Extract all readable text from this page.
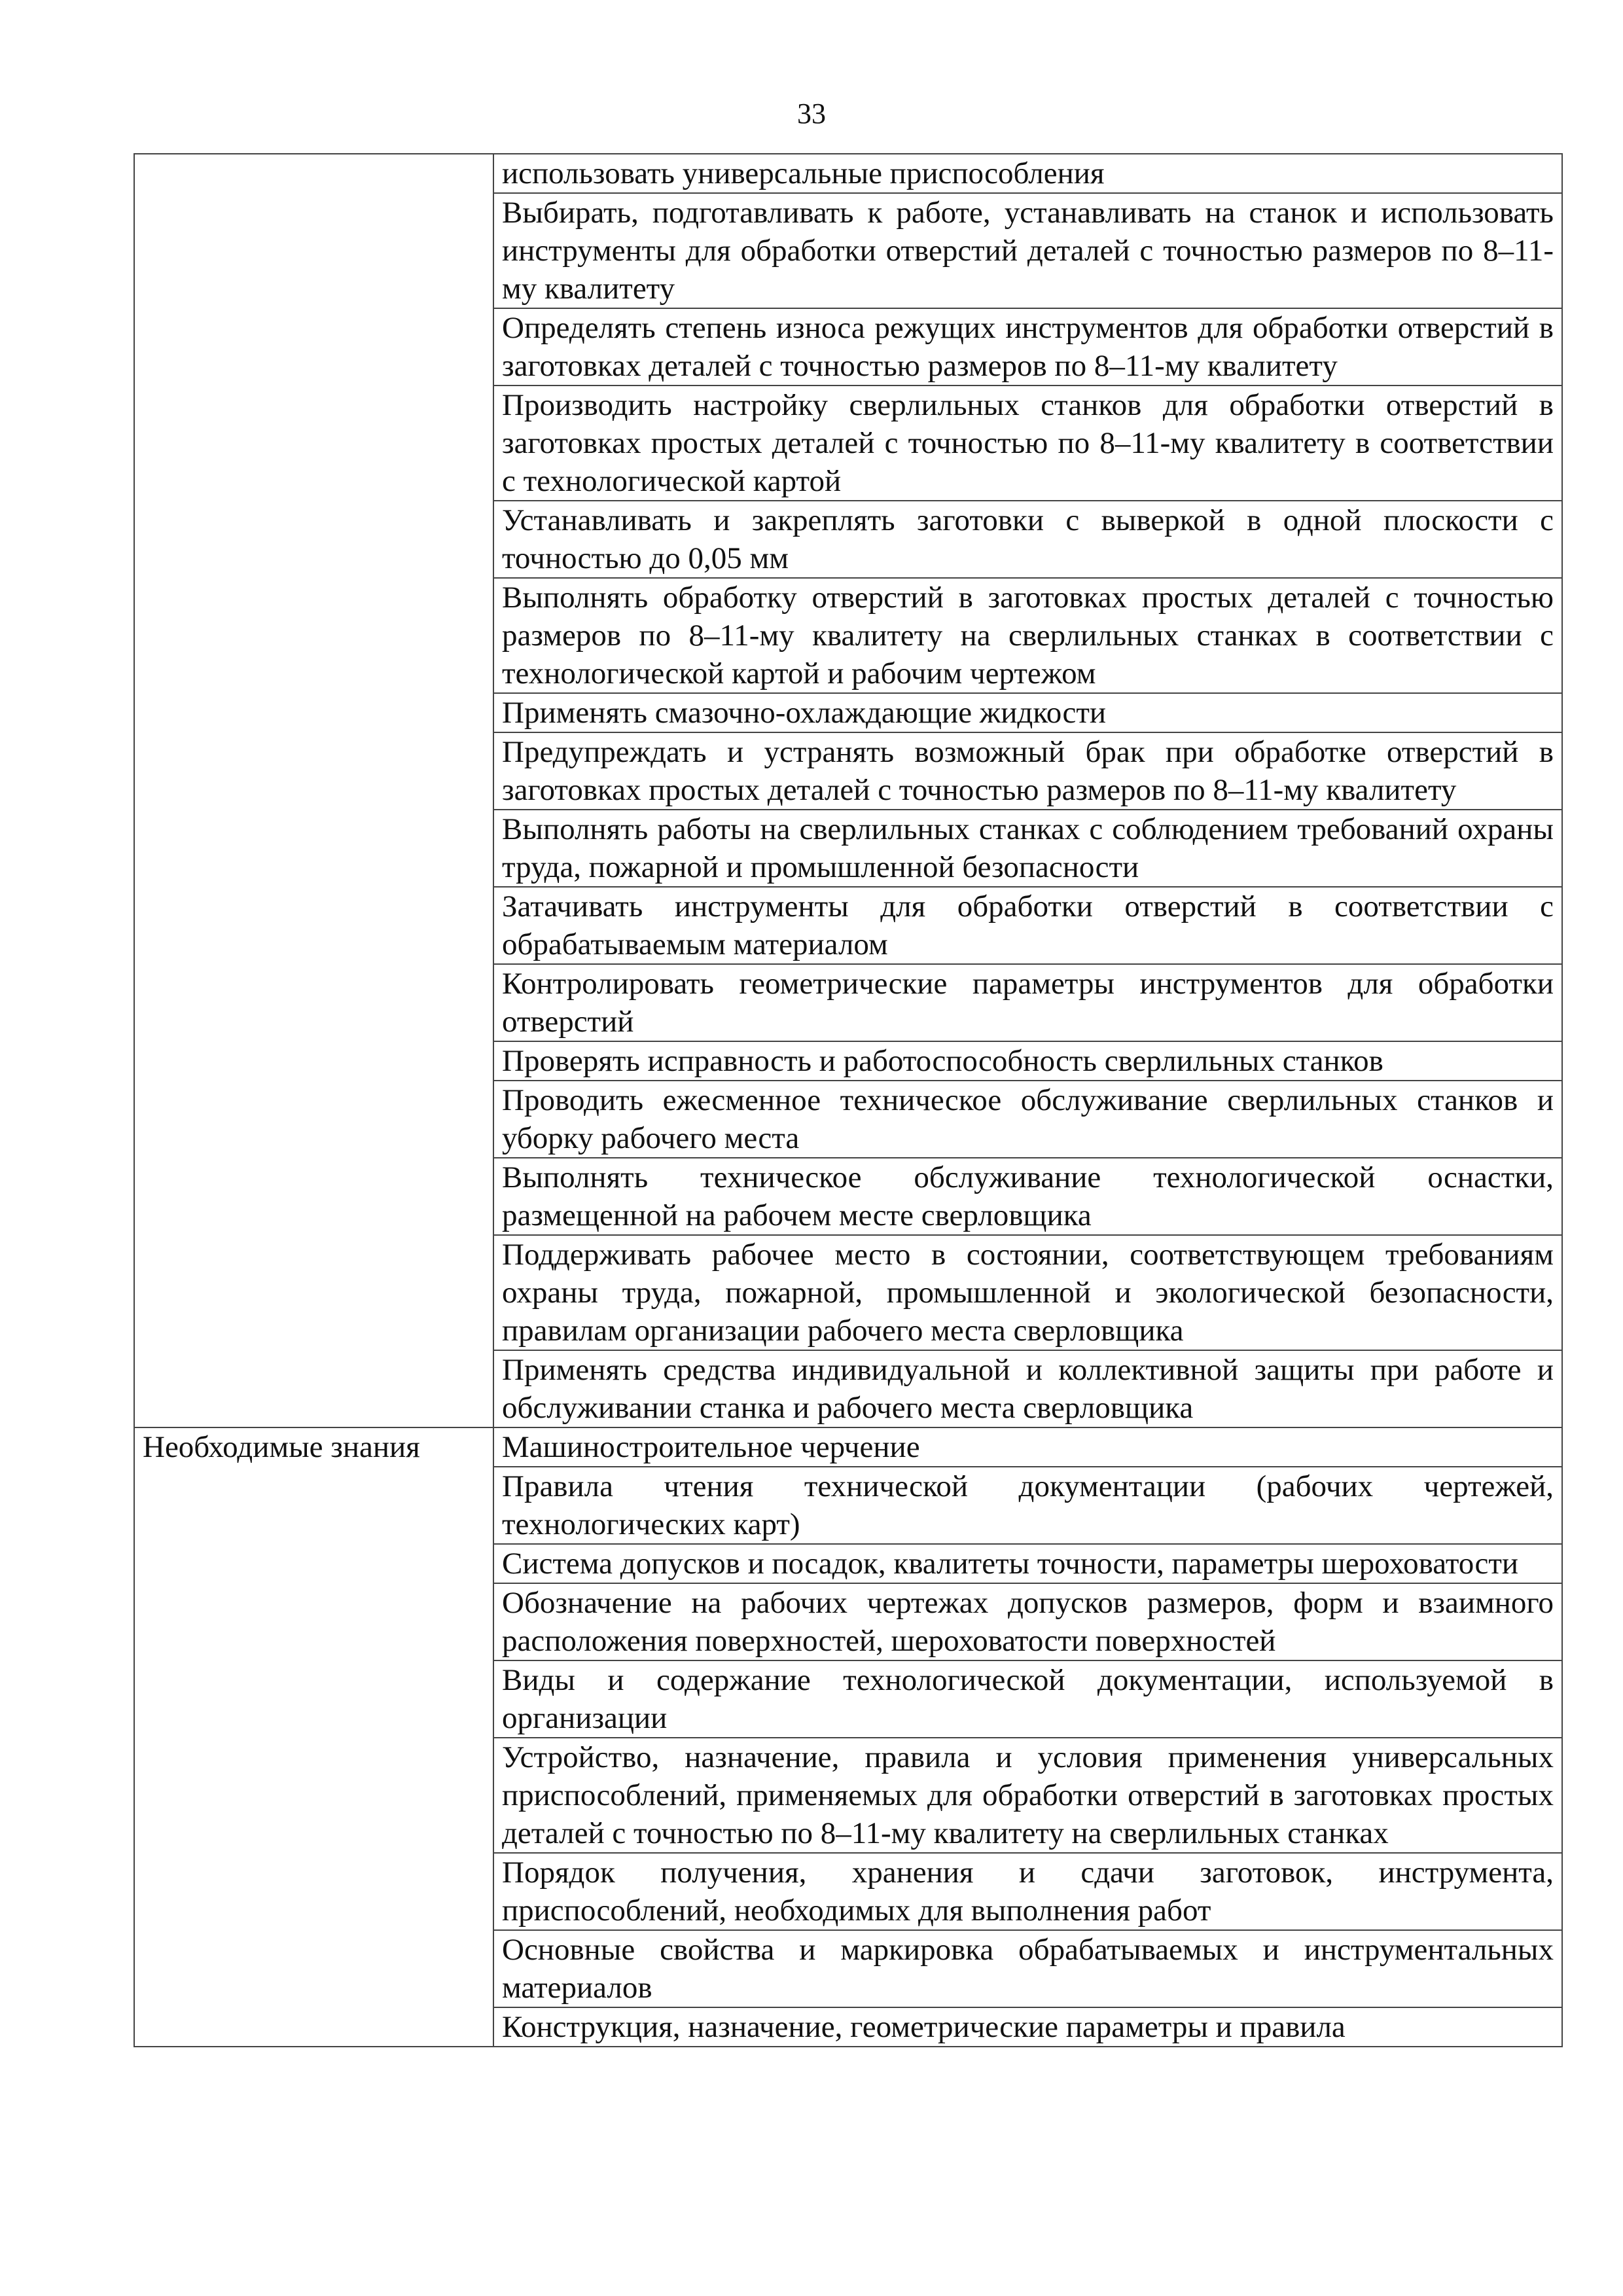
33
	использовать универсальные приспособления
	Выбирать, подготавливать к работе, устанавливать на станок и использовать инструменты для обработки отверстий деталей с точностью размеров по 8–11-му квалитету
	Определять степень износа режущих инструментов для обработки отверстий в заготовках деталей с точностью размеров по 8–11-му квалитету
	Производить настройку сверлильных станков для обработки отверстий в заготовках простых деталей с точностью по 8–11-му квалитету в соответствии с технологической картой
	Устанавливать и закреплять заготовки с выверкой в одной плоскости с точностью до 0,05 мм
	Выполнять обработку отверстий в заготовках простых деталей с точностью размеров по 8–11-му квалитету на сверлильных станках в соответствии с технологической картой и рабочим чертежом
	Применять смазочно-охлаждающие жидкости
	Предупреждать и устранять возможный брак при обработке отверстий в заготовках простых деталей с точностью размеров по 8–11-му квалитету
	Выполнять работы на сверлильных станках с соблюдением требований охраны труда, пожарной и промышленной безопасности
	Затачивать инструменты для обработки отверстий в соответствии с обрабатываемым материалом
	Контролировать геометрические параметры инструментов для обработки отверстий
	Проверять исправность и работоспособность сверлильных станков
	Проводить ежесменное техническое обслуживание сверлильных станков и уборку рабочего места
	Выполнять техническое обслуживание технологической оснастки, размещенной на рабочем месте сверловщика
	Поддерживать рабочее место в состоянии, соответствующем требованиям охраны труда, пожарной, промышленной и экологической безопасности, правилам организации рабочего места сверловщика
	Применять средства индивидуальной и коллективной защиты при работе и обслуживании станка и рабочего места сверловщика
Необходимые знания	Машиностроительное черчение
	Правила чтения технической документации (рабочих чертежей, технологических карт)
	Система допусков и посадок, квалитеты точности, параметры шероховатости
	Обозначение на рабочих чертежах допусков размеров, форм и взаимного расположения поверхностей, шероховатости поверхностей
	Виды и содержание технологической документации, используемой в организации
	Устройство, назначение, правила и условия применения универсальных приспособлений, применяемых для обработки отверстий в заготовках простых деталей с точностью по 8–11-му квалитету на сверлильных станках
	Порядок получения, хранения и сдачи заготовок, инструмента, приспособлений, необходимых для выполнения работ
	Основные свойства и маркировка обрабатываемых и инструментальных материалов
	Конструкция, назначение, геометрические параметры и правила
